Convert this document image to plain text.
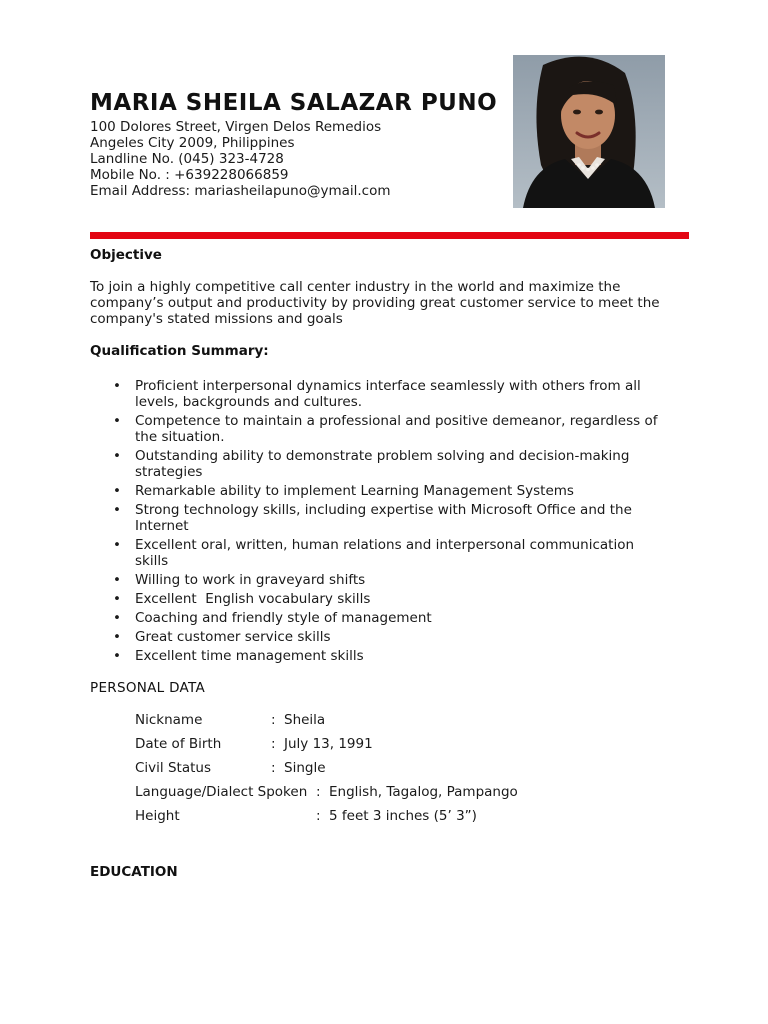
MARIA SHEILA SALAZAR PUNO
100 Dolores Street, Virgen Delos Remedios
Angeles City 2009, Philippines
Landline No. (045) 323-4728
Mobile No. : +639228066859
Email Address: mariasheilapuno@ymail.com
Objective
To join a highly competitive call center industry in the world and maximize the company’s output and productivity by providing great customer service to meet the company's stated missions and goals
Qualification Summary:
• Proficient interpersonal dynamics interface seamlessly with others from all levels, backgrounds and cultures.
• Competence to maintain a professional and positive demeanor, regardless of the situation.
• Outstanding ability to demonstrate problem solving and decision-making strategies
• Remarkable ability to implement Learning Management Systems
• Strong technology skills, including expertise with Microsoft Office and the Internet
• Excellent oral, written, human relations and interpersonal communication skills
• Willing to work in graveyard shifts
• Excellent  English vocabulary skills
• Coaching and friendly style of management
• Great customer service skills
• Excellent time management skills
PERSONAL DATA
Nickname	: Sheila
Date of Birth	: July 13, 1991
Civil Status	: Single
Language/Dialect Spoken : English, Tagalog, Pampango
Height	: 5 feet 3 inches (5’ 3”)
EDUCATION
